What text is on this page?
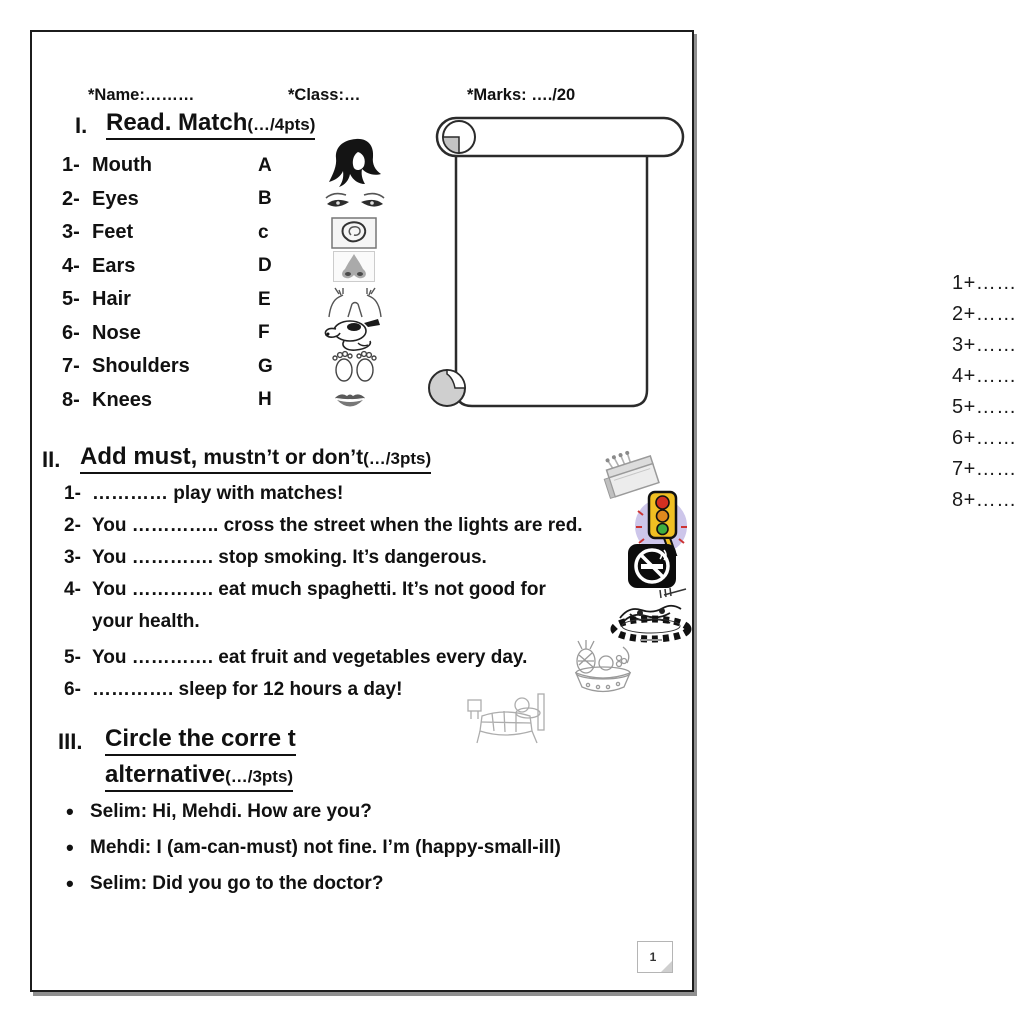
*Name:………	*Class:…	*Marks: …./20
I. Read. Match(…/4pts)
1- Mouth	A
2- Eyes	B
3- Feet	c
4- Ears	D
5- Hair	E
6- Nose	F
7- Shoulders	G
8- Knees	H
1+……
2+……
3+……
4+……
5+……
6+……
7+……
8+……
II. Add must, mustn’t or don’t(…/3pts)
1- ………… play with matches!
2- You ………….. cross the street when the lights are red.
3- You …………. stop smoking. It’s dangerous.
4- You …………. eat much spaghetti. It’s not good for
your health.
5- You …………. eat fruit and vegetables every day.
6- …………. sleep for 12 hours a day!
III. Circle the corre t
alternative(…/3pts)
•
Selim: Hi, Mehdi. How are you?
•
Mehdi: I (am-can-must) not fine. I’m (happy-small-ill)
•
Selim: Did you go to the doctor?
1
